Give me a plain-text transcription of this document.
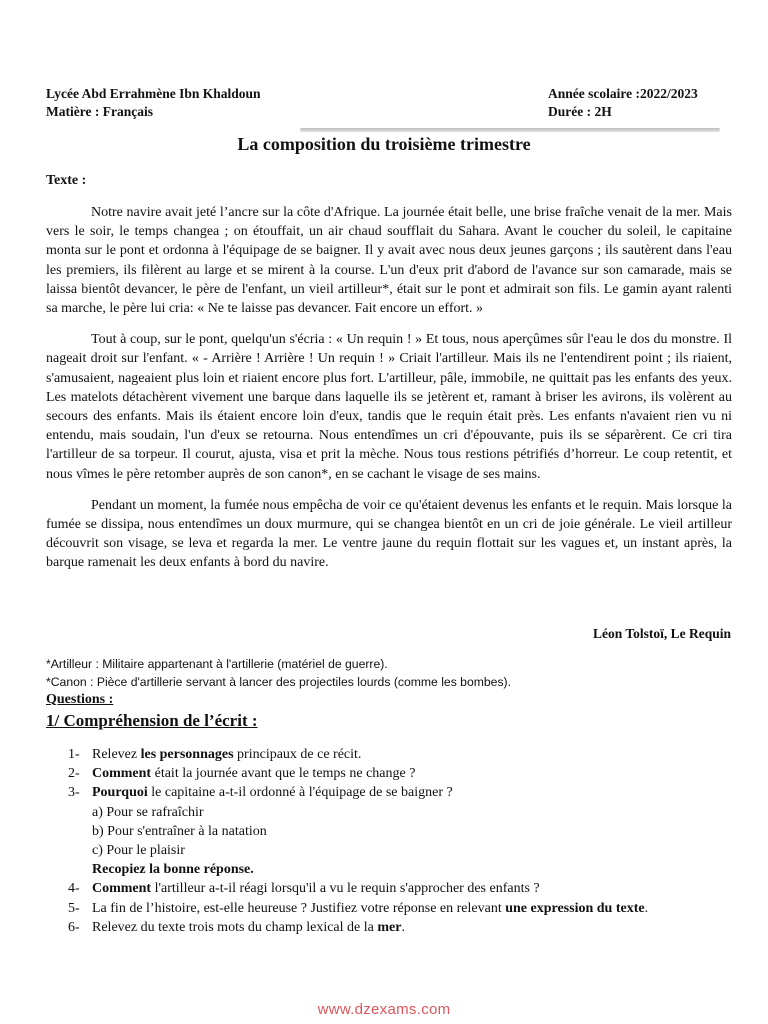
Lycée Abd Errahmène Ibn Khaldoun
Matière : Français
Année scolaire :2022/2023
Durée : 2H
La composition du troisième trimestre
Texte :

Notre navire avait jeté l’ancre sur la côte d'Afrique. La journée était belle, une brise fraîche venait de la mer. Mais vers le soir, le temps changea ; on étouffait, un air chaud soufflait du Sahara. Avant le coucher du soleil, le capitaine monta sur le pont et ordonna à l'équipage de se baigner. Il y avait avec nous deux jeunes garçons ; ils sautèrent dans l'eau les premiers, ils filèrent au large et se mirent à la course. L'un d'eux prit d'abord de l'avance sur son camarade, mais se laissa bientôt devancer, le père de l'enfant, un vieil artilleur*, était sur le pont et admirait son fils. Le gamin ayant ralenti sa marche, le père lui cria: « Ne te laisse pas devancer. Fait encore un effort. »

Tout à coup, sur le pont, quelqu'un s'écria : « Un requin ! » Et tous, nous aperçûmes sûr l'eau le dos du monstre. Il nageait droit sur l'enfant. « - Arrière ! Arrière ! Un requin ! » Criait l'artilleur. Mais ils ne l'entendirent point ; ils riaient, s'amusaient, nageaient plus loin et riaient encore plus fort. L'artilleur, pâle, immobile, ne quittait pas les enfants des yeux. Les matelots détachèrent vivement une barque dans laquelle ils se jetèrent et, ramant à briser les avirons, ils volèrent au secours des enfants. Mais ils étaient encore loin d'eux, tandis que le requin était près. Les enfants n'avaient rien vu ni entendu, mais soudain, l'un d'eux se retourna. Nous entendîmes un cri d'épouvante, puis ils se séparèrent. Ce cri tira l'artilleur de sa torpeur. Il courut, ajusta, visa et prit la mèche. Nous tous restions pétrifiés d’horreur. Le coup retentit, et nous vîmes le père retomber auprès de son canon*, en se cachant le visage de ses mains.

Pendant un moment, la fumée nous empêcha de voir ce qu'étaient devenus les enfants et le requin. Mais lorsque la fumée se dissipa, nous entendîmes un doux murmure, qui se changea bientôt en un cri de joie générale. Le vieil artilleur découvrit son visage, se leva et regarda la mer. Le ventre jaune du requin flottait sur les vagues et, un instant après, la barque ramenait les deux enfants à bord du navire.

Léon Tolstoï, Le Requin
*Artilleur : Militaire appartenant à l'artillerie (matériel de guerre).
*Canon : Pièce d'artillerie servant à lancer des projectiles lourds (comme les bombes).
Questions :
1/ Compréhension de l’écrit :
1- Relevez les personnages principaux de ce récit.
2- Comment était la journée avant que le temps ne change ?
3- Pourquoi le capitaine a-t-il ordonné à l'équipage de se baigner ?
a) Pour se rafraîchir
b) Pour s'entraîner à la natation
c) Pour le plaisir
Recopiez la bonne réponse.
4- Comment l'artilleur a-t-il réagi lorsqu'il a vu le requin s'approcher des enfants ?
5- La fin de l’histoire, est-elle heureuse ? Justifiez votre réponse en relevant une expression du texte.
6- Relevez du texte trois mots du champ lexical de la mer.
www.dzexams.com
